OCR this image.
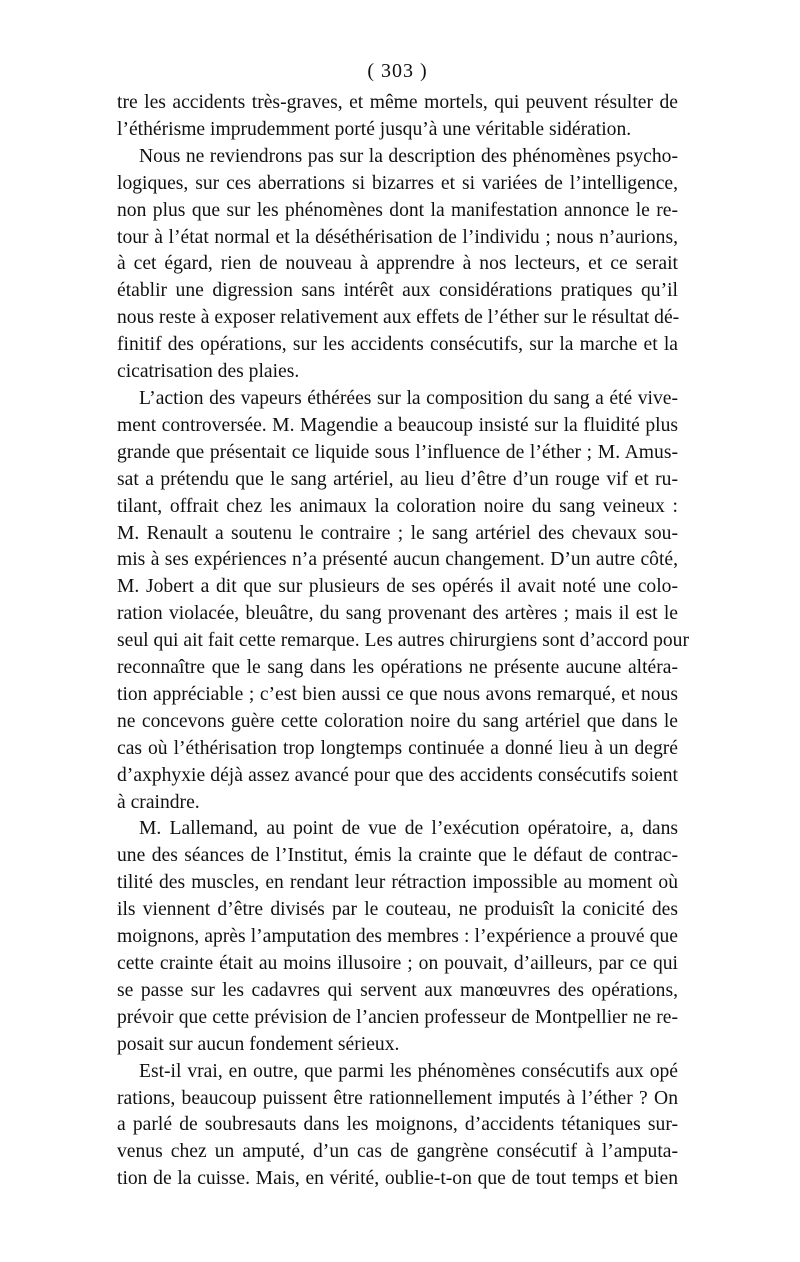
( 303 )
tre les accidents très-graves, et même mortels, qui peuvent résulter de
l’éthérisme imprudemment porté jusqu’à une véritable sidération.
Nous ne reviendrons pas sur la description des phénomènes psycho-
logiques, sur ces aberrations si bizarres et si variées de l’intelligence,
non plus que sur les phénomènes dont la manifestation annonce le re-
tour à l’état normal et la déséthérisation de l’individu ; nous n’aurions,
à cet égard, rien de nouveau à apprendre à nos lecteurs, et ce serait
établir une digression sans intérêt aux considérations pratiques qu’il
nous reste à exposer relativement aux effets de l’éther sur le résultat dé-
finitif des opérations, sur les accidents consécutifs, sur la marche et la
cicatrisation des plaies.
L’action des vapeurs éthérées sur la composition du sang a été vive-
ment controversée. M. Magendie a beaucoup insisté sur la fluidité plus
grande que présentait ce liquide sous l’influence de l’éther ; M. Amus-
sat a prétendu que le sang artériel, au lieu d’être d’un rouge vif et ru-
tilant, offrait chez les animaux la coloration noire du sang veineux :
M. Renault a soutenu le contraire ; le sang artériel des chevaux sou-
mis à ses expériences n’a présenté aucun changement. D’un autre côté,
M. Jobert a dit que sur plusieurs de ses opérés il avait noté une colo-
ration violacée, bleuâtre, du sang provenant des artères ; mais il est le
seul qui ait fait cette remarque. Les autres chirurgiens sont d’accord pour
reconnaître que le sang dans les opérations ne présente aucune altéra-
tion appréciable ; c’est bien aussi ce que nous avons remarqué, et nous
ne concevons guère cette coloration noire du sang artériel que dans le
cas où l’éthérisation trop longtemps continuée a donné lieu à un degré
d’axphyxie déjà assez avancé pour que des accidents consécutifs soient
à craindre.
M. Lallemand, au point de vue de l’exécution opératoire, a, dans
une des séances de l’Institut, émis la crainte que le défaut de contrac-
tilité des muscles, en rendant leur rétraction impossible au moment où
ils viennent d’être divisés par le couteau, ne produisît la conicité des
moignons, après l’amputation des membres : l’expérience a prouvé que
cette crainte était au moins illusoire ; on pouvait, d’ailleurs, par ce qui
se passe sur les cadavres qui servent aux manœuvres des opérations,
prévoir que cette prévision de l’ancien professeur de Montpellier ne re-
posait sur aucun fondement sérieux.
Est-il vrai, en outre, que parmi les phénomènes consécutifs aux opé
rations, beaucoup puissent être rationnellement imputés à l’éther ? On
a parlé de soubresauts dans les moignons, d’accidents tétaniques sur-
venus chez un amputé, d’un cas de gangrène consécutif à l’amputa-
tion de la cuisse. Mais, en vérité, oublie-t-on que de tout temps et bien
